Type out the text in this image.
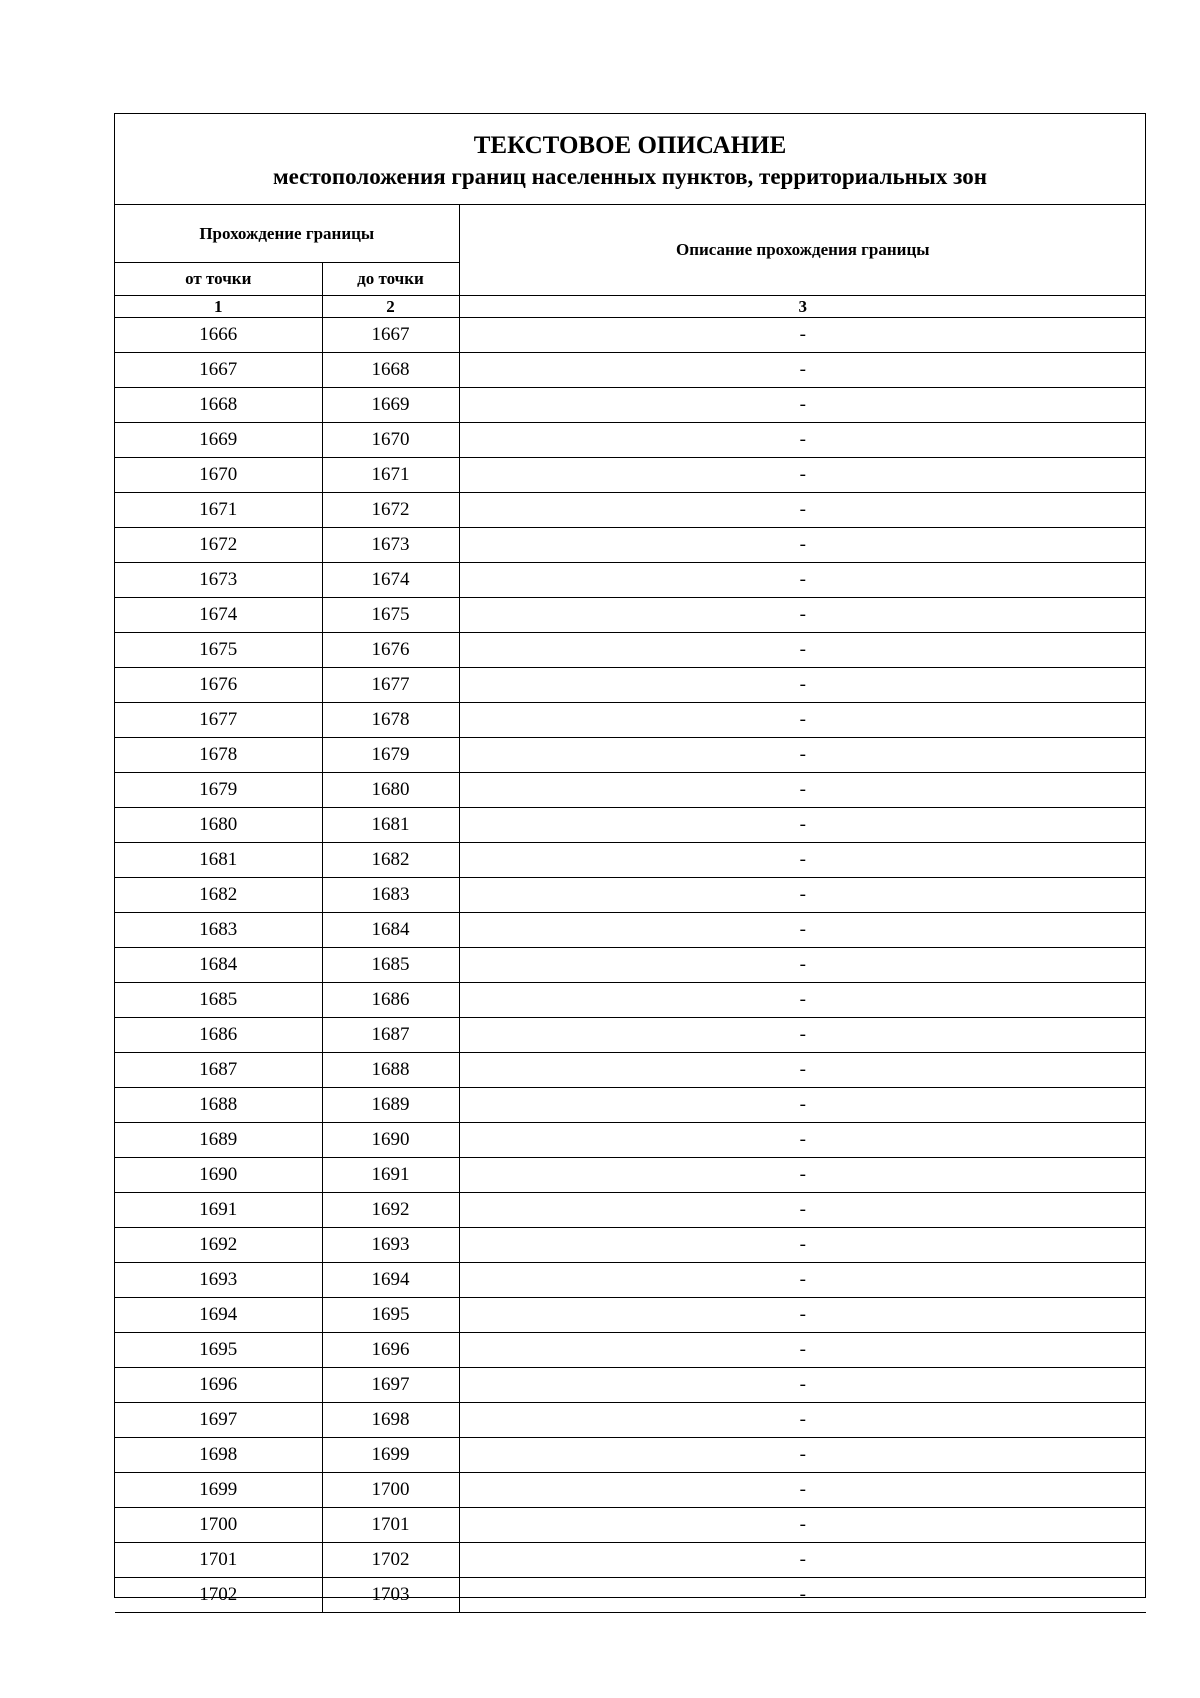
ТЕКСТОВОЕ ОПИСАНИЕ
местоположения границ населенных пунктов, территориальных зон
Прохождение границы		Описание прохождения границы
от точки	до точки	
1	2	3
1666	1667	-
1667	1668	-
1668	1669	-
1669	1670	-
1670	1671	-
1671	1672	-
1672	1673	-
1673	1674	-
1674	1675	-
1675	1676	-
1676	1677	-
1677	1678	-
1678	1679	-
1679	1680	-
1680	1681	-
1681	1682	-
1682	1683	-
1683	1684	-
1684	1685	-
1685	1686	-
1686	1687	-
1687	1688	-
1688	1689	-
1689	1690	-
1690	1691	-
1691	1692	-
1692	1693	-
1693	1694	-
1694	1695	-
1695	1696	-
1696	1697	-
1697	1698	-
1698	1699	-
1699	1700	-
1700	1701	-
1701	1702	-
1702	1703	-
